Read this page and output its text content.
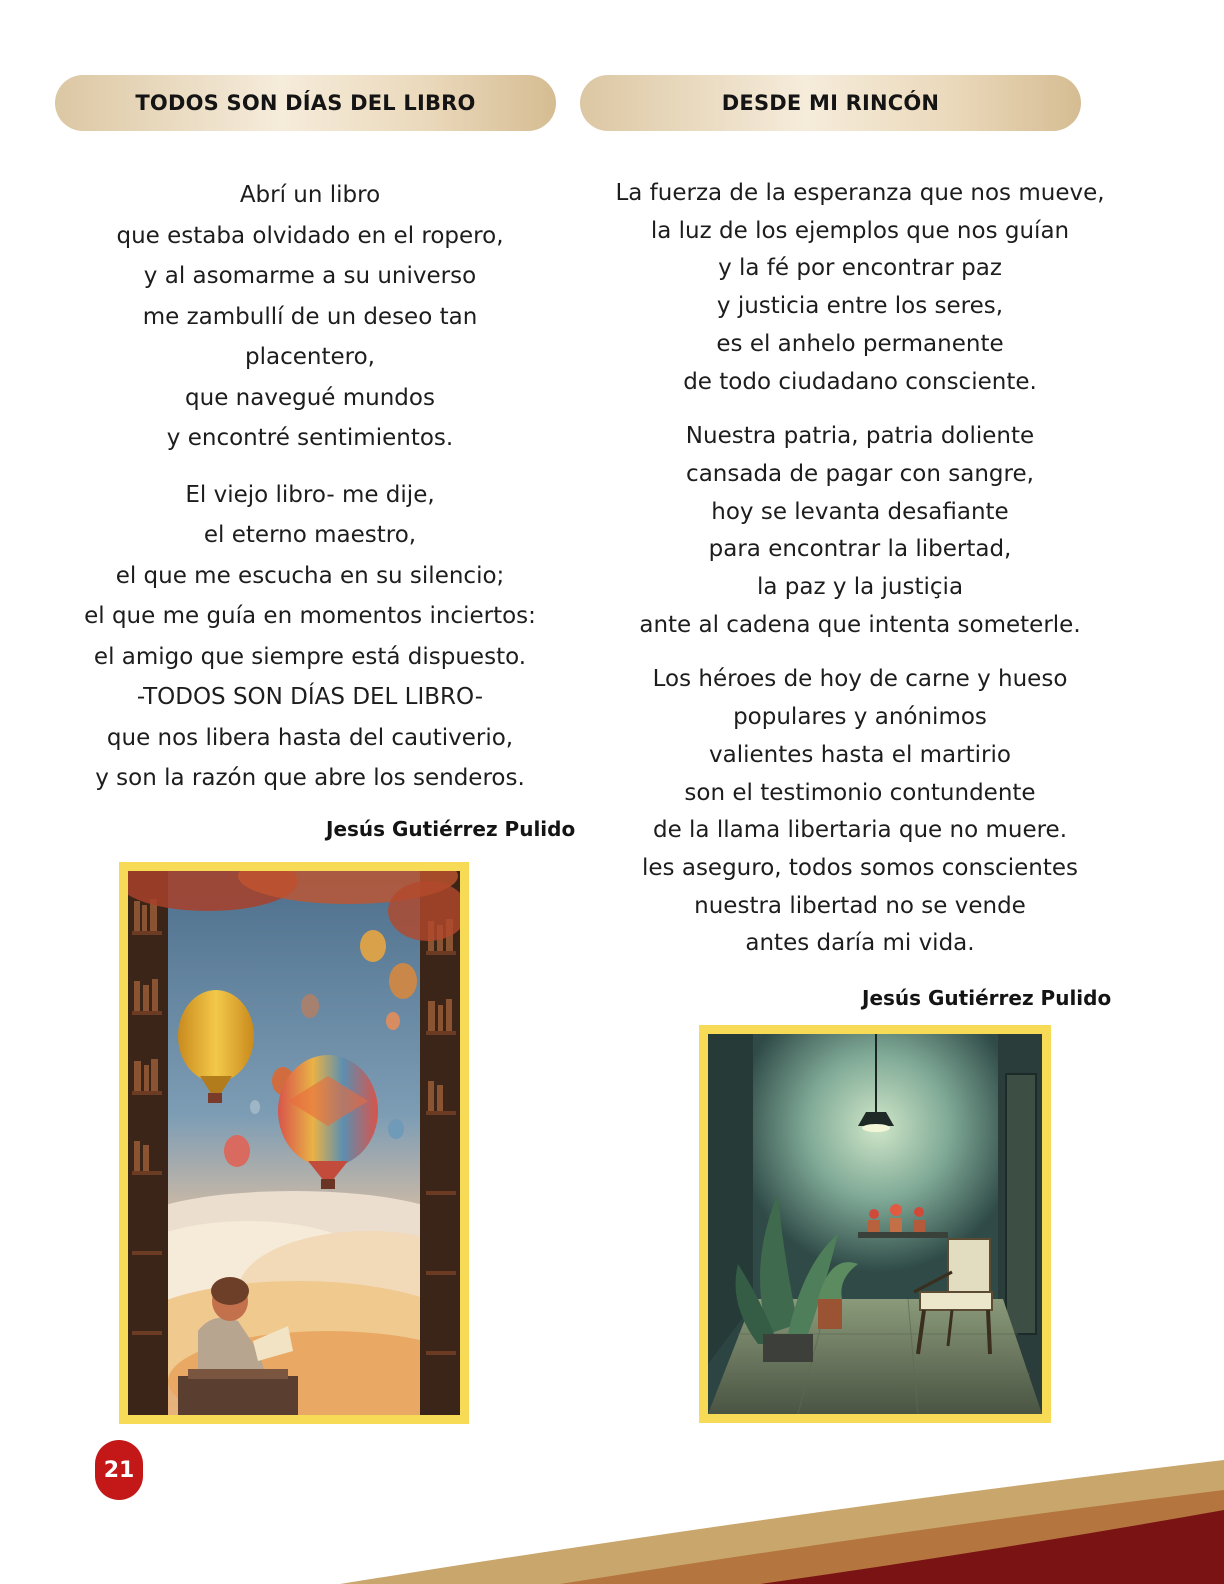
TODOS SON DÍAS DEL LIBRO	DESDE MI RINCÓN
Abrí un libro
que estaba olvidado en el ropero,
y al asomarme a su universo
me zambullí de un deseo tan
placentero,
que navegué mundos
y encontré sentimientos.
El viejo libro- me dije,
el eterno maestro,
el que me escucha en su silencio;
el que me guía en momentos inciertos:
el amigo que siempre está dispuesto.
-TODOS SON DÍAS DEL LIBRO-
que nos libera hasta del cautiverio,
y son la razón que abre los senderos.
Jesús Gutiérrez Pulido
La fuerza de la esperanza que nos mueve,
la luz de los ejemplos que nos guían
y la fé por encontrar paz
y justicia entre los seres,
es el anhelo permanente
de todo ciudadano consciente.
Nuestra patria, patria doliente
cansada de pagar con sangre,
hoy se levanta desafiante
para encontrar la libertad,
la paz y la justiçia
ante al cadena que intenta someterle.
Los héroes de hoy de carne y hueso
populares y anónimos
valientes hasta el martirio
son el testimonio contundente
de la llama libertaria que no muere.
les aseguro, todos somos conscientes
nuestra libertad no se vende
antes daría mi vida.
Jesús Gutiérrez Pulido
21
